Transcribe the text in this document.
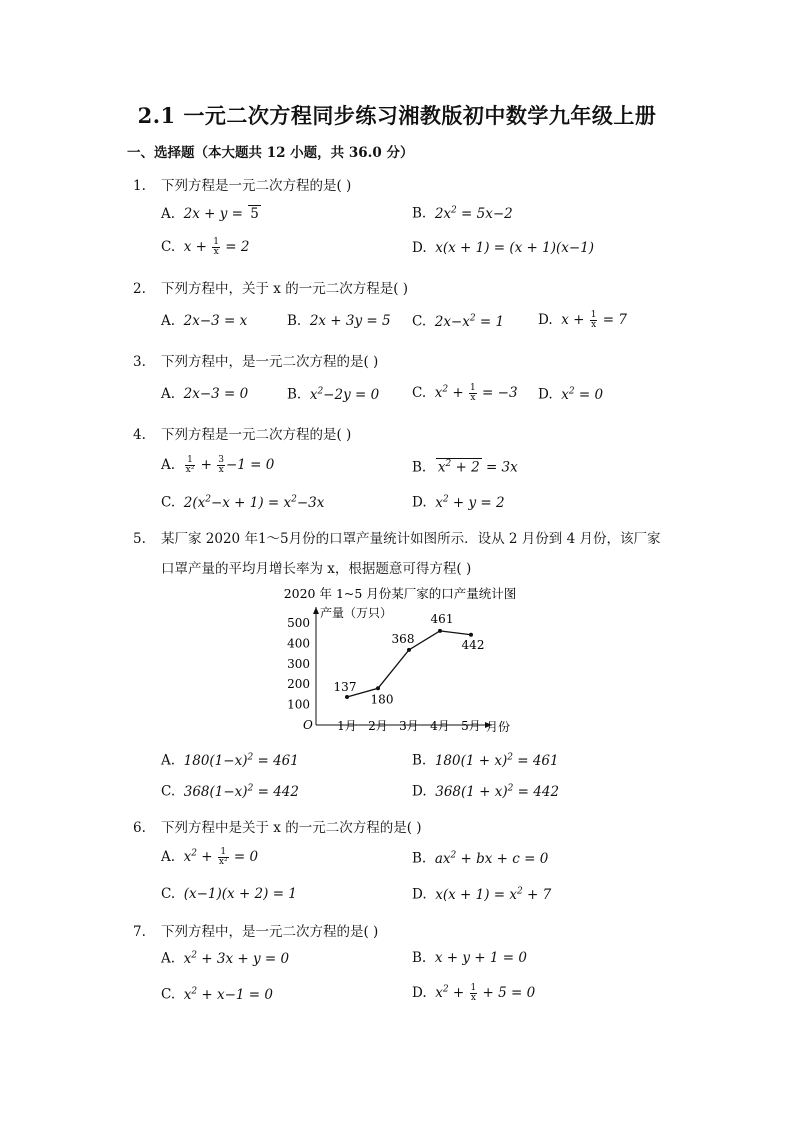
2.1 一元二次方程同步练习湘教版初中数学九年级上册
一、选择题（本大题共 12 小题，共 36.0 分）
1. 下列方程是一元二次方程的是( )
A. 2x + y = 5	B. $2x^2 = 5x-2$
C. $x + \frac{1}{x} = 2$	D. x(x + 1) = (x + 1)(x−1)
2. 下列方程中，关于 x 的一元二次方程是( )
A. 2x−3 = x	B. 2x + 3y = 5 C. $2x-x^2 = 1$	D. $x + \frac{1}{x} = 7$
3. 下列方程中，是一元二次方程的是( )
A. 2x−3 = 0	B. $x^2-2y = 0$ C. $x^2 + \frac{1}{x} = -3$ D. $x^2 = 0$
4. 下列方程是一元二次方程的是( )
A. $\frac{1}{\text{x²}} + \frac{3}{x} -1 = 0$	B. $x^2 + 2 = 3x$
C. $2(x^2-x + 1) = x^2-3x$	D. $x^2 + y = 2$
5. 某厂家 2020 年1～5月份的口罩产量统计如图所示．设从 2 月份到 4 月份，该厂家
口罩产量的平均月增长率为 x，根据题意可得方程( )
2020 年 1~5 月份某厂家的口产量统计图
产量（万只）
月份
O
100
200
300
400
500
1月 2月 3月 4月 5月
137
180
368
461
442
A. $180(1-x)^2 = 461$	B. $180(1 + x)^2 = 461$
C. $368(1-x)^2 = 442$	D. $368(1 + x)^2 = 442$
6. 下列方程中是关于 x 的一元二次方程的是( )
A. $x^2 + \frac{1}{\text{x²}} = 0$	B. $ax^2$ + bx + c = 0
C. (x−1)(x + 2) = 1	D. $x(x + 1) = x^2 + 7$
7. 下列方程中，是一元二次方程的是( )
A. $x^2 + 3x + y = 0$	B. x + y + 1 = 0
C. $x^2 + x-1 = 0$	D. $x^2 + \frac{1}{x} + 5 = 0$
